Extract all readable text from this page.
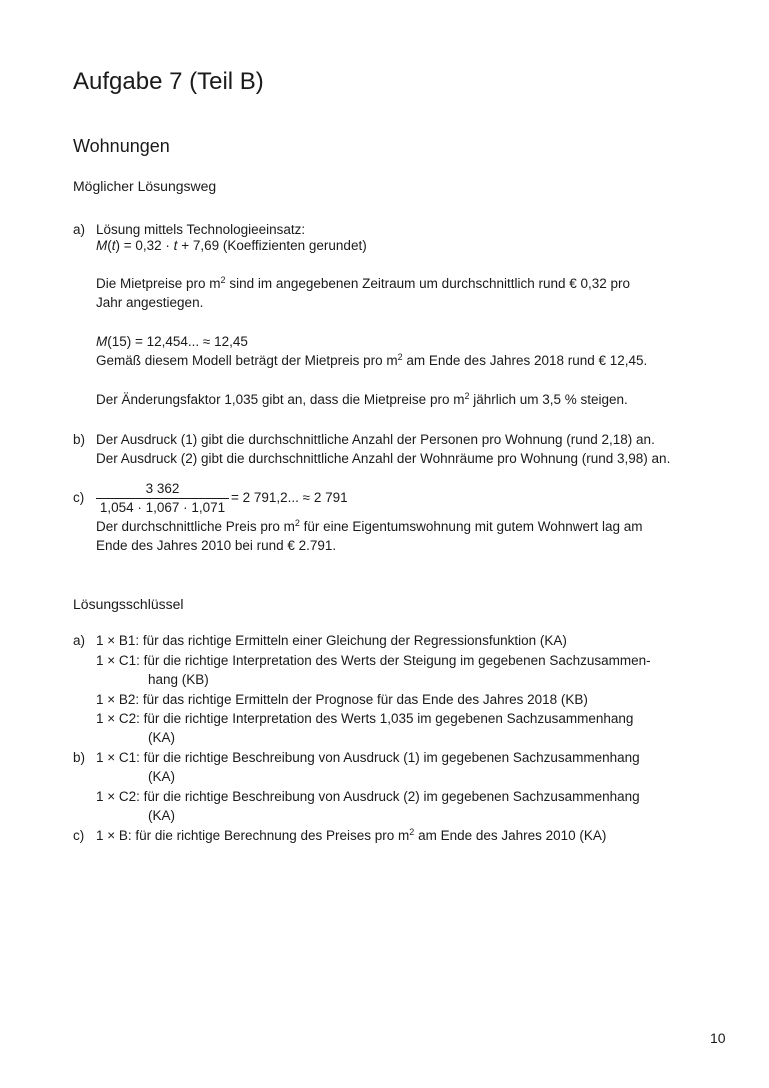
Aufgabe 7 (Teil B)
Wohnungen
Möglicher Lösungsweg
a) Lösung mittels Technologieeinsatz:
M(t) = 0,32 · t + 7,69 (Koeffizienten gerundet)
Die Mietpreise pro $m^2$ sind im angegebenen Zeitraum um durchschnittlich rund € 0,32 pro
Jahr angestiegen.
M(15) = 12,454... ≈ 12,45
Gemäß diesem Modell beträgt der Mietpreis pro $m^2$ am Ende des Jahres 2018 rund € 12,45.
Der Änderungsfaktor 1,035 gibt an, dass die Mietpreise pro $m^2$ jährlich um 3,5 % steigen.
b) Der Ausdruck (1) gibt die durchschnittliche Anzahl der Personen pro Wohnung (rund 2,18) an.
Der Ausdruck (2) gibt die durchschnittliche Anzahl der Wohnräume pro Wohnung (rund 3,98) an.
c)
3 362
1,054 · 1,067 · 1,071
= 2 791,2... ≈ 2 791
Der durchschnittliche Preis pro $m^2$ für eine Eigentumswohnung mit gutem Wohnwert lag am
Ende des Jahres 2010 bei rund € 2.791.
Lösungsschlüssel
a) 1 × B1: für das richtige Ermitteln einer Gleichung der Regressionsfunktion (KA)
1 × C1: für die richtige Interpretation des Werts der Steigung im gegebenen Sachzusammen-
hang (KB)
1 × B2: für das richtige Ermitteln der Prognose für das Ende des Jahres 2018 (KB)
1 × C2: für die richtige Interpretation des Werts 1,035 im gegebenen Sachzusammenhang
(KA)
b) 1 × C1: für die richtige Beschreibung von Ausdruck (1) im gegebenen Sachzusammenhang
(KA)
1 × C2: für die richtige Beschreibung von Ausdruck (2) im gegebenen Sachzusammenhang
(KA)
c) 1 × B: für die richtige Berechnung des Preises pro $m^2$ am Ende des Jahres 2010 (KA)
10
